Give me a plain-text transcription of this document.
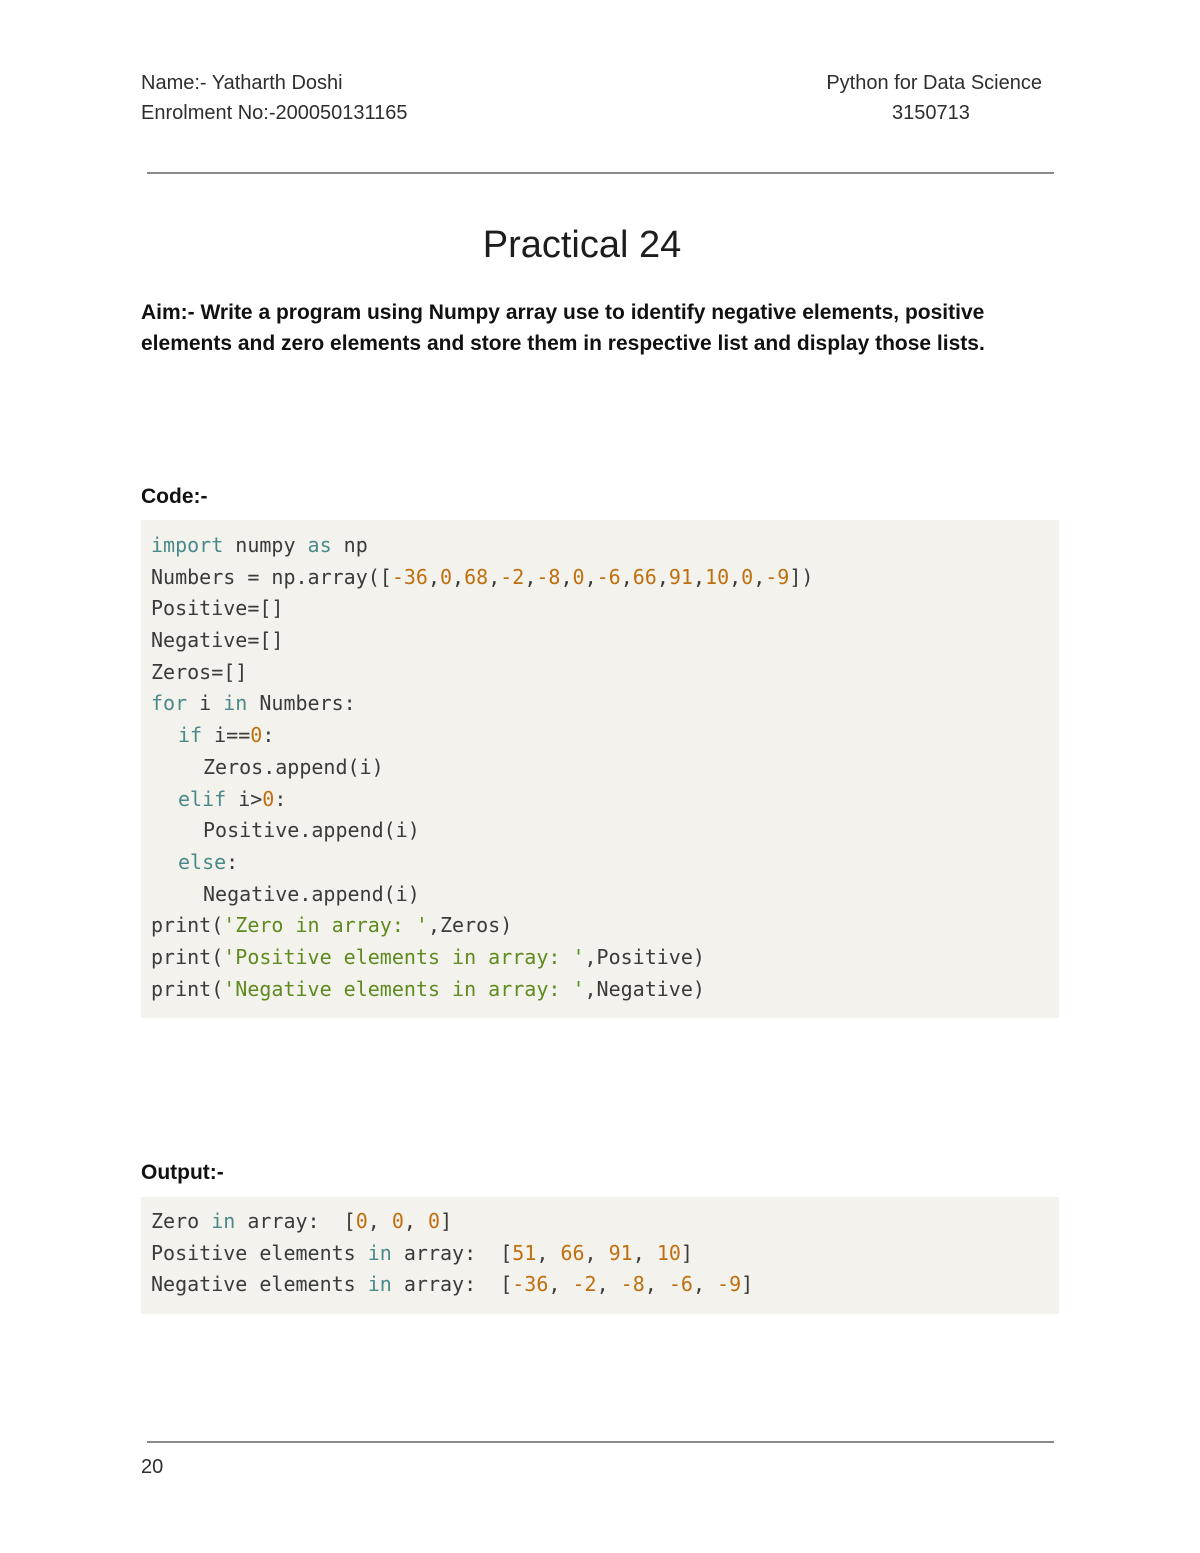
Name:- Yatharth Doshi
Enrolment No:-200050131165
Python for Data Science
3150713
Practical 24
Aim:- Write a program using Numpy array use to identify negative elements, positive elements and zero elements and store them in respective list and display those lists.
Code:-
import numpy as np
Numbers = np.array([-36,0,68,-2,-8,0,-6,66,91,10,0,-9])
Positive=[]
Negative=[]
Zeros=[]
for i in Numbers:
if i==0:
Zeros.append(i)
elif i>0:
Positive.append(i)
else:
Negative.append(i)
print('Zero in array: ',Zeros)
print('Positive elements in array: ',Positive)
print('Negative elements in array: ',Negative)
Output:-
Zero in array:  [0, 0, 0]
Positive elements in array:  [51, 66, 91, 10]
Negative elements in array:  [-36, -2, -8, -6, -9]
20
